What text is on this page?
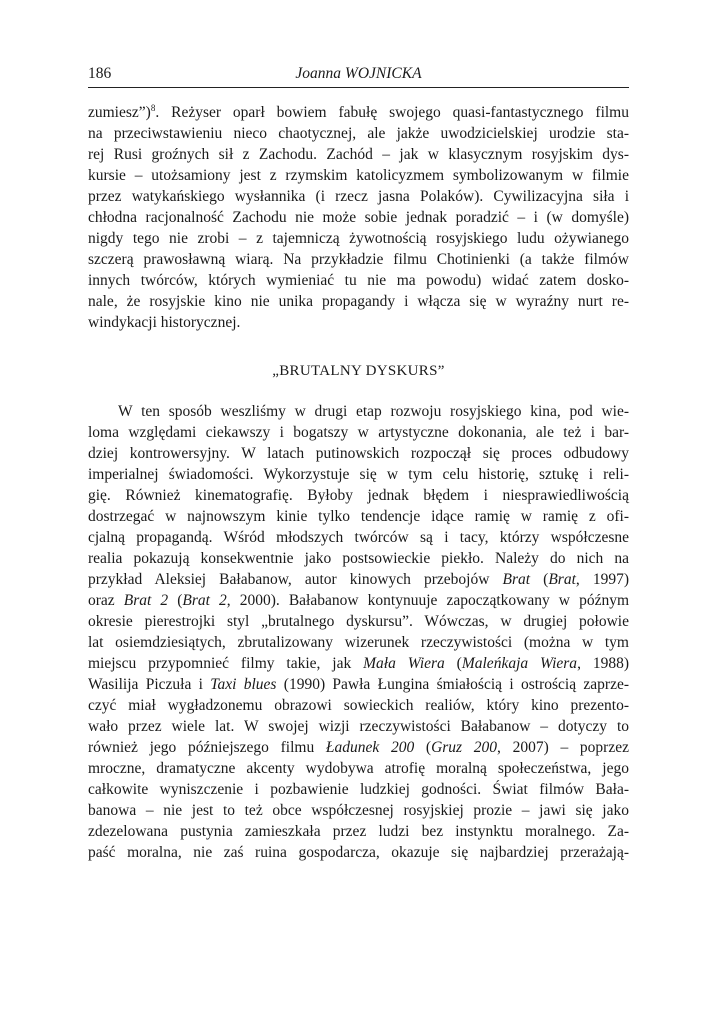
186	Joanna WOJNICKA
zumiesz”)$^8$. Reżyser oparł bowiem fabułę swojego quasi-fantastycznego filmu
na przeciwstawieniu nieco chaotycznej, ale jakże uwodzicielskiej urodzie sta-
rej Rusi groźnych sił z Zachodu. Zachód – jak w klasycznym rosyjskim dys-
kursie – utożsamiony jest z rzymskim katolicyzmem symbolizowanym w filmie
przez watykańskiego wysłannika (i rzecz jasna Polaków). Cywilizacyjna siła i
chłodna racjonalność Zachodu nie może sobie jednak poradzić – i (w domyśle)
nigdy tego nie zrobi – z tajemniczą żywotnością rosyjskiego ludu ożywianego
szczerą prawosławną wiarą. Na przykładzie filmu Chotinienki (a także filmów
innych twórców, których wymieniać tu nie ma powodu) widać zatem dosko-
nale, że rosyjskie kino nie unika propagandy i włącza się w wyraźny nurt re-
windykacji historycznej.
„BRUTALNY DYSKURS”
W ten sposób weszliśmy w drugi etap rozwoju rosyjskiego kina, pod wie-
loma względami ciekawszy i bogatszy w artystyczne dokonania, ale też i bar-
dziej kontrowersyjny. W latach putinowskich rozpoczął się proces odbudowy
imperialnej świadomości. Wykorzystuje się w tym celu historię, sztukę i reli-
gię. Również kinematografię. Byłoby jednak błędem i niesprawiedliwością
dostrzegać w najnowszym kinie tylko tendencje idące ramię w ramię z ofi-
cjalną propagandą. Wśród młodszych twórców są i tacy, którzy współczesne
realia pokazują konsekwentnie jako postsowieckie piekło. Należy do nich na
przykład Aleksiej Bałabanow, autor kinowych przebojów Brat (Brat, 1997)
oraz Brat 2 (Brat 2, 2000). Bałabanow kontynuuje zapoczątkowany w późnym
okresie pierestrojki styl „brutalnego dyskursu”. Wówczas, w drugiej połowie
lat osiemdziesiątych, zbrutalizowany wizerunek rzeczywistości (można w tym
miejscu przypomnieć filmy takie, jak Mała Wiera (Maleńkaja Wiera, 1988)
Wasilija Piczuła i Taxi blues (1990) Pawła Łungina śmiałością i ostrością zaprze-
czyć miał wygładzonemu obrazowi sowieckich realiów, który kino prezento-
wało przez wiele lat. W swojej wizji rzeczywistości Bałabanow – dotyczy to
również jego późniejszego filmu Ładunek 200 (Gruz 200, 2007) – poprzez
mroczne, dramatyczne akcenty wydobywa atrofię moralną społeczeństwa, jego
całkowite wyniszczenie i pozbawienie ludzkiej godności. Świat filmów Bała-
banowa – nie jest to też obce współczesnej rosyjskiej prozie – jawi się jako
zdezelowana pustynia zamieszkała przez ludzi bez instynktu moralnego. Za-
paść moralna, nie zaś ruina gospodarcza, okazuje się najbardziej przerażają-
